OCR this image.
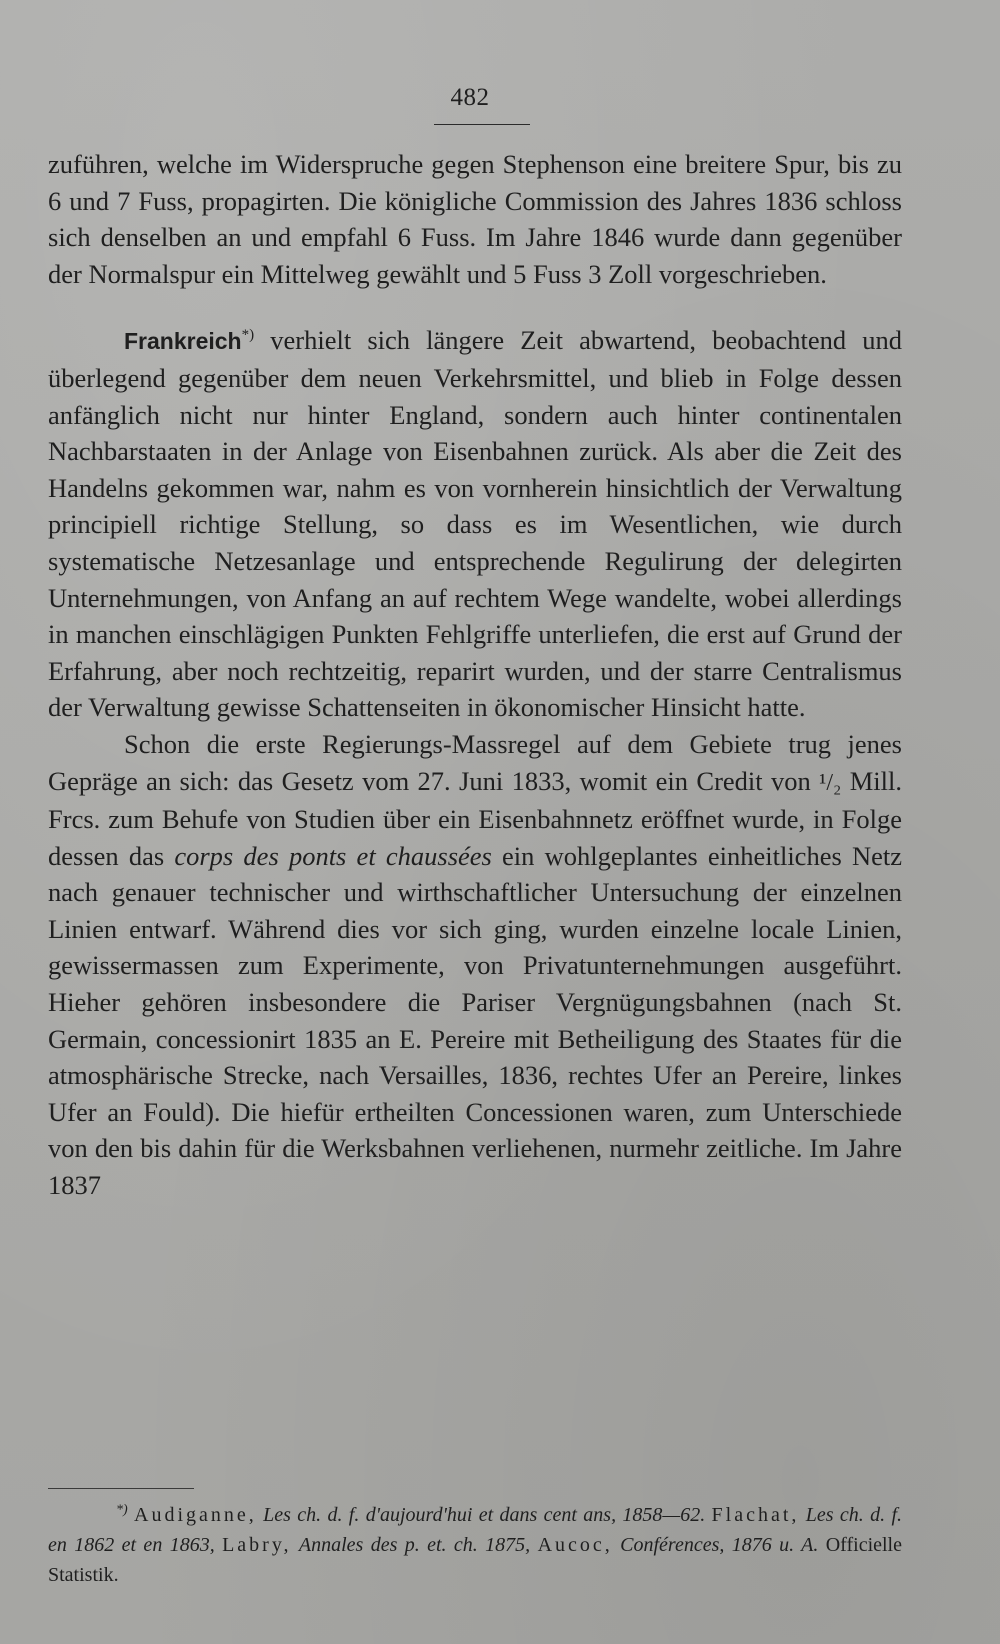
482

zuführen, welche im Widerspruche gegen Stephenson eine breitere Spur, bis zu 6 und 7 Fuss, propagirten. Die königliche Commission des Jahres 1836 schloss sich denselben an und empfahl 6 Fuss. Im Jahre 1846 wurde dann gegenüber der Normalspur ein Mittelweg gewählt und 5 Fuss 3 Zoll vorgeschrieben.

Frankreich*) verhielt sich längere Zeit abwartend, beobachtend und überlegend gegenüber dem neuen Verkehrsmittel, und blieb in Folge dessen anfänglich nicht nur hinter England, sondern auch hinter continentalen Nachbarstaaten in der Anlage von Eisenbahnen zurück. Als aber die Zeit des Handelns gekommen war, nahm es von vornherein hinsichtlich der Verwaltung principiell richtige Stellung, so dass es im Wesentlichen, wie durch systematische Netzesanlage und entsprechende Regulirung der delegirten Unternehmungen, von Anfang an auf rechtem Wege wandelte, wobei allerdings in manchen einschlägigen Punkten Fehlgriffe unterliefen, die erst auf Grund der Erfahrung, aber noch rechtzeitig, reparirt wurden, und der starre Centralismus der Verwaltung gewisse Schattenseiten in ökonomischer Hinsicht hatte.

Schon die erste Regierungs-Massregel auf dem Gebiete trug jenes Gepräge an sich: das Gesetz vom 27. Juni 1833, womit ein Credit von ¹/₂ Mill. Frcs. zum Behufe von Studien über ein Eisenbahnnetz eröffnet wurde, in Folge dessen das corps des ponts et chaussées ein wohlgeplantes einheitliches Netz nach genauer technischer und wirthschaftlicher Untersuchung der einzelnen Linien entwarf. Während dies vor sich ging, wurden einzelne locale Linien, gewissermassen zum Experimente, von Privatunternehmungen ausgeführt. Hieher gehören insbesondere die Pariser Vergnügungsbahnen (nach St. Germain, concessionirt 1835 an E. Pereire mit Betheiligung des Staates für die atmosphärische Strecke, nach Versailles, 1836, rechtes Ufer an Pereire, linkes Ufer an Fould). Die hiefür ertheilten Concessionen waren, zum Unterschiede von den bis dahin für die Werksbahnen verliehenen, nurmehr zeitliche. Im Jahre 1837

*) Audiganne, Les ch. d. f. d'aujourd'hui et dans cent ans, 1858—62. Flachat, Les ch. d. f. en 1862 et en 1863, Labry, Annales des p. et. ch. 1875, Aucoc, Conférences, 1876 u. A. Officielle Statistik.
